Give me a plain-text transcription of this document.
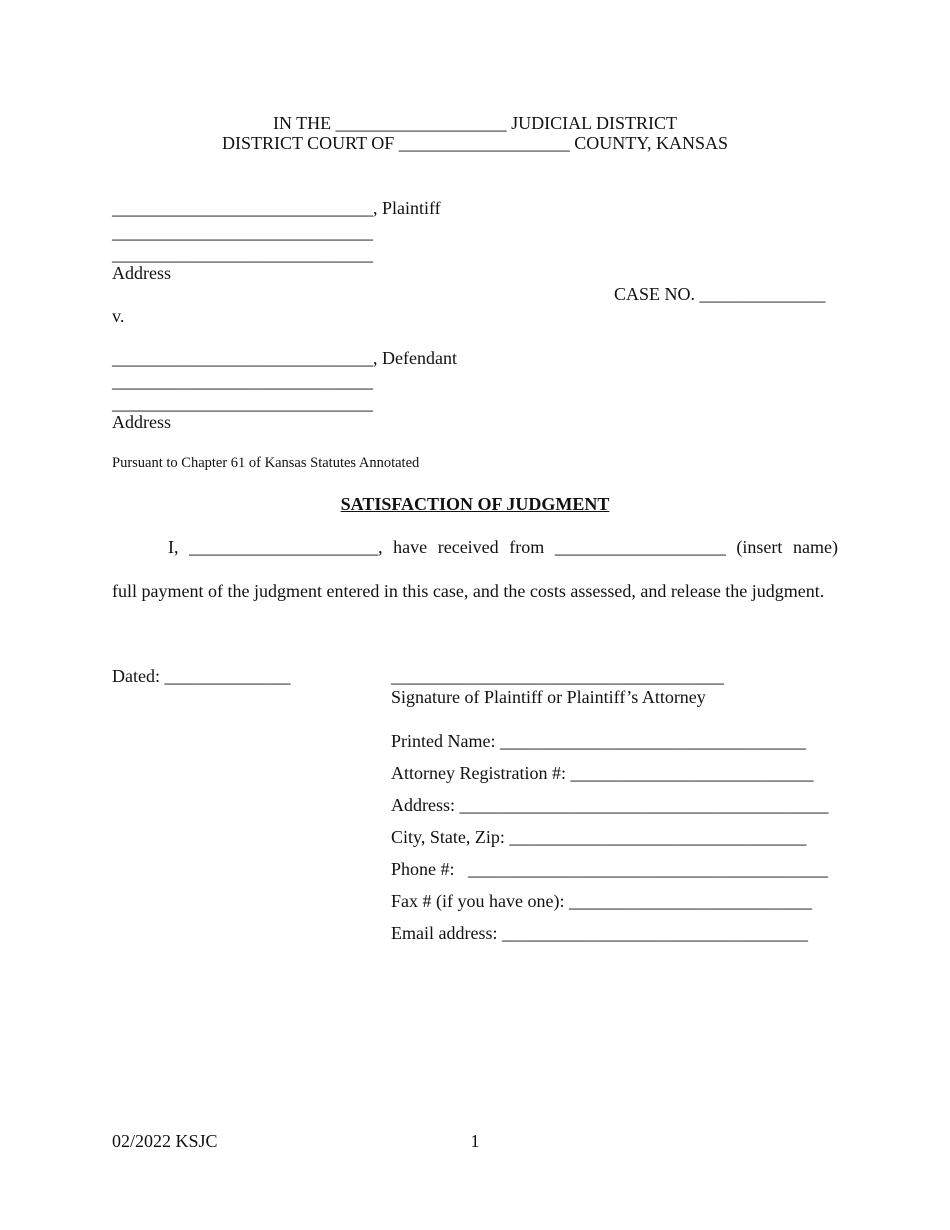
IN THE ___________________ JUDICIAL DISTRICT
DISTRICT COURT OF ___________________ COUNTY, KANSAS
_____________________________, Plaintiff
_____________________________
_____________________________
Address
CASE NO. ______________
v.
_____________________________, Defendant
_____________________________
_____________________________
Address
Pursuant to Chapter 61 of Kansas Statutes Annotated
SATISFACTION OF JUDGMENT
I, _____________________, have received from ___________________ (insert name)
full payment of the judgment entered in this case, and the costs assessed, and release the judgment.
Dated: ______________	_____________________________________
Signature of Plaintiff or Plaintiff’s Attorney
Printed Name: __________________________________
Attorney Registration #: ___________________________
Address: _________________________________________
City, State, Zip: _________________________________
Phone #:   ________________________________________
Fax # (if you have one): ___________________________
Email address: __________________________________
02/2022 KSJC	1
